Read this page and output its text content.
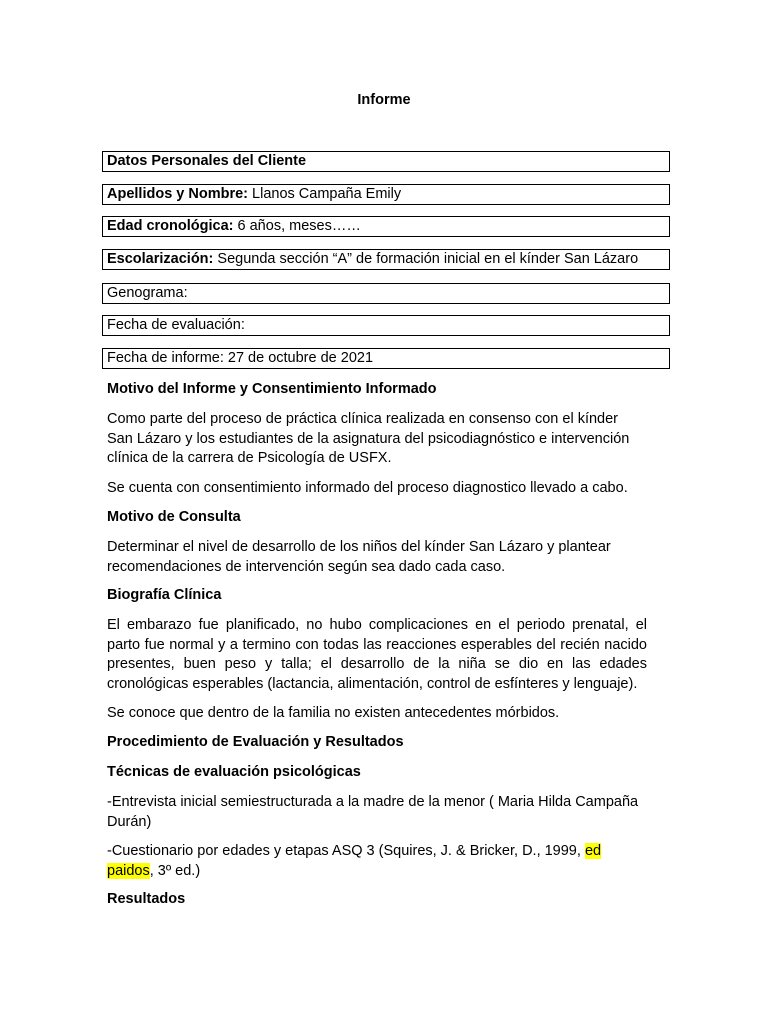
Informe
Datos Personales del Cliente
Apellidos y Nombre: Llanos Campaña Emily
Edad cronológica: 6 años, meses……
Escolarización: Segunda sección “A” de formación inicial en el kínder San Lázaro
Genograma:
Fecha de evaluación:
Fecha de informe: 27 de octubre de 2021
Motivo del Informe y Consentimiento Informado
Como parte del proceso de práctica clínica realizada en consenso con el kínder San Lázaro y los estudiantes de la asignatura del psicodiagnóstico e intervención clínica de la carrera de Psicología de USFX.
Se cuenta con consentimiento informado del proceso diagnostico llevado a cabo.
Motivo de Consulta
Determinar el nivel de desarrollo de los niños del kínder San Lázaro y plantear recomendaciones de intervención según sea dado cada caso.
Biografía Clínica
El embarazo fue planificado, no hubo complicaciones en el periodo prenatal, el parto fue normal y a termino con todas las reacciones esperables del recién nacido presentes, buen peso y talla; el desarrollo de la niña se dio en las edades cronológicas esperables (lactancia, alimentación, control de esfínteres y lenguaje).
Se conoce que dentro de la familia no existen antecedentes mórbidos.
Procedimiento de Evaluación y Resultados
Técnicas de evaluación psicológicas
-Entrevista inicial semiestructurada a la madre de la menor ( Maria Hilda Campaña Durán)
-Cuestionario por edades y etapas ASQ 3 (Squires, J. & Bricker, D., 1999, ed paidos, 3º ed.)
Resultados
